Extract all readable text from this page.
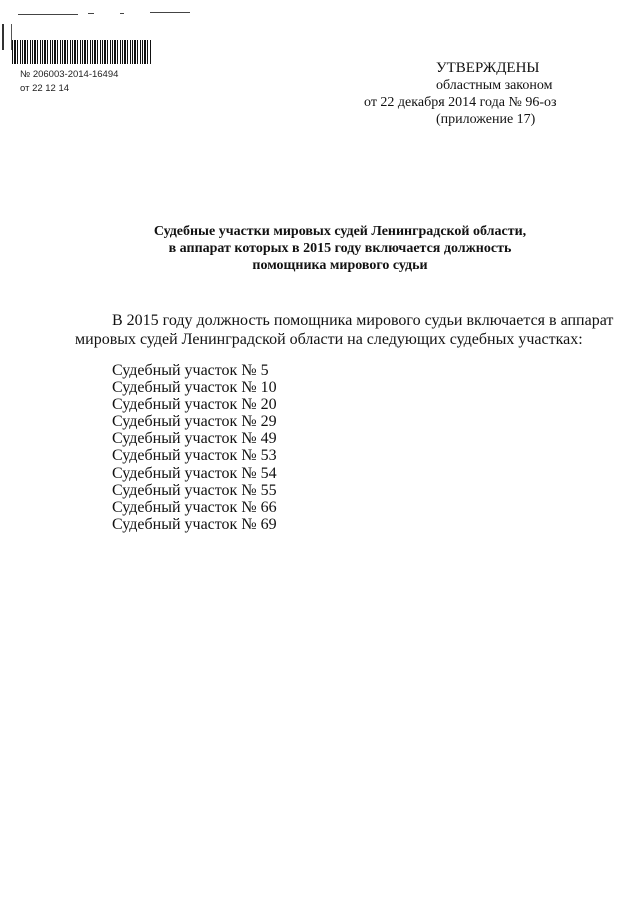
№ 206003-2014-16494
от 22 12 14
УТВЕРЖДЕНЫ
областным законом
от 22 декабря 2014 года № 96-оз
(приложение 17)
Судебные участки мировых судей Ленинградской области,
в аппарат которых в 2015 году включается должность
помощника мирового судьи
В 2015 году должность помощника мирового судьи включается в аппарат
мировых судей Ленинградской области на следующих судебных участках:
Судебный участок № 5
Судебный участок № 10
Судебный участок № 20
Судебный участок № 29
Судебный участок № 49
Судебный участок № 53
Судебный участок № 54
Судебный участок № 55
Судебный участок № 66
Судебный участок № 69
